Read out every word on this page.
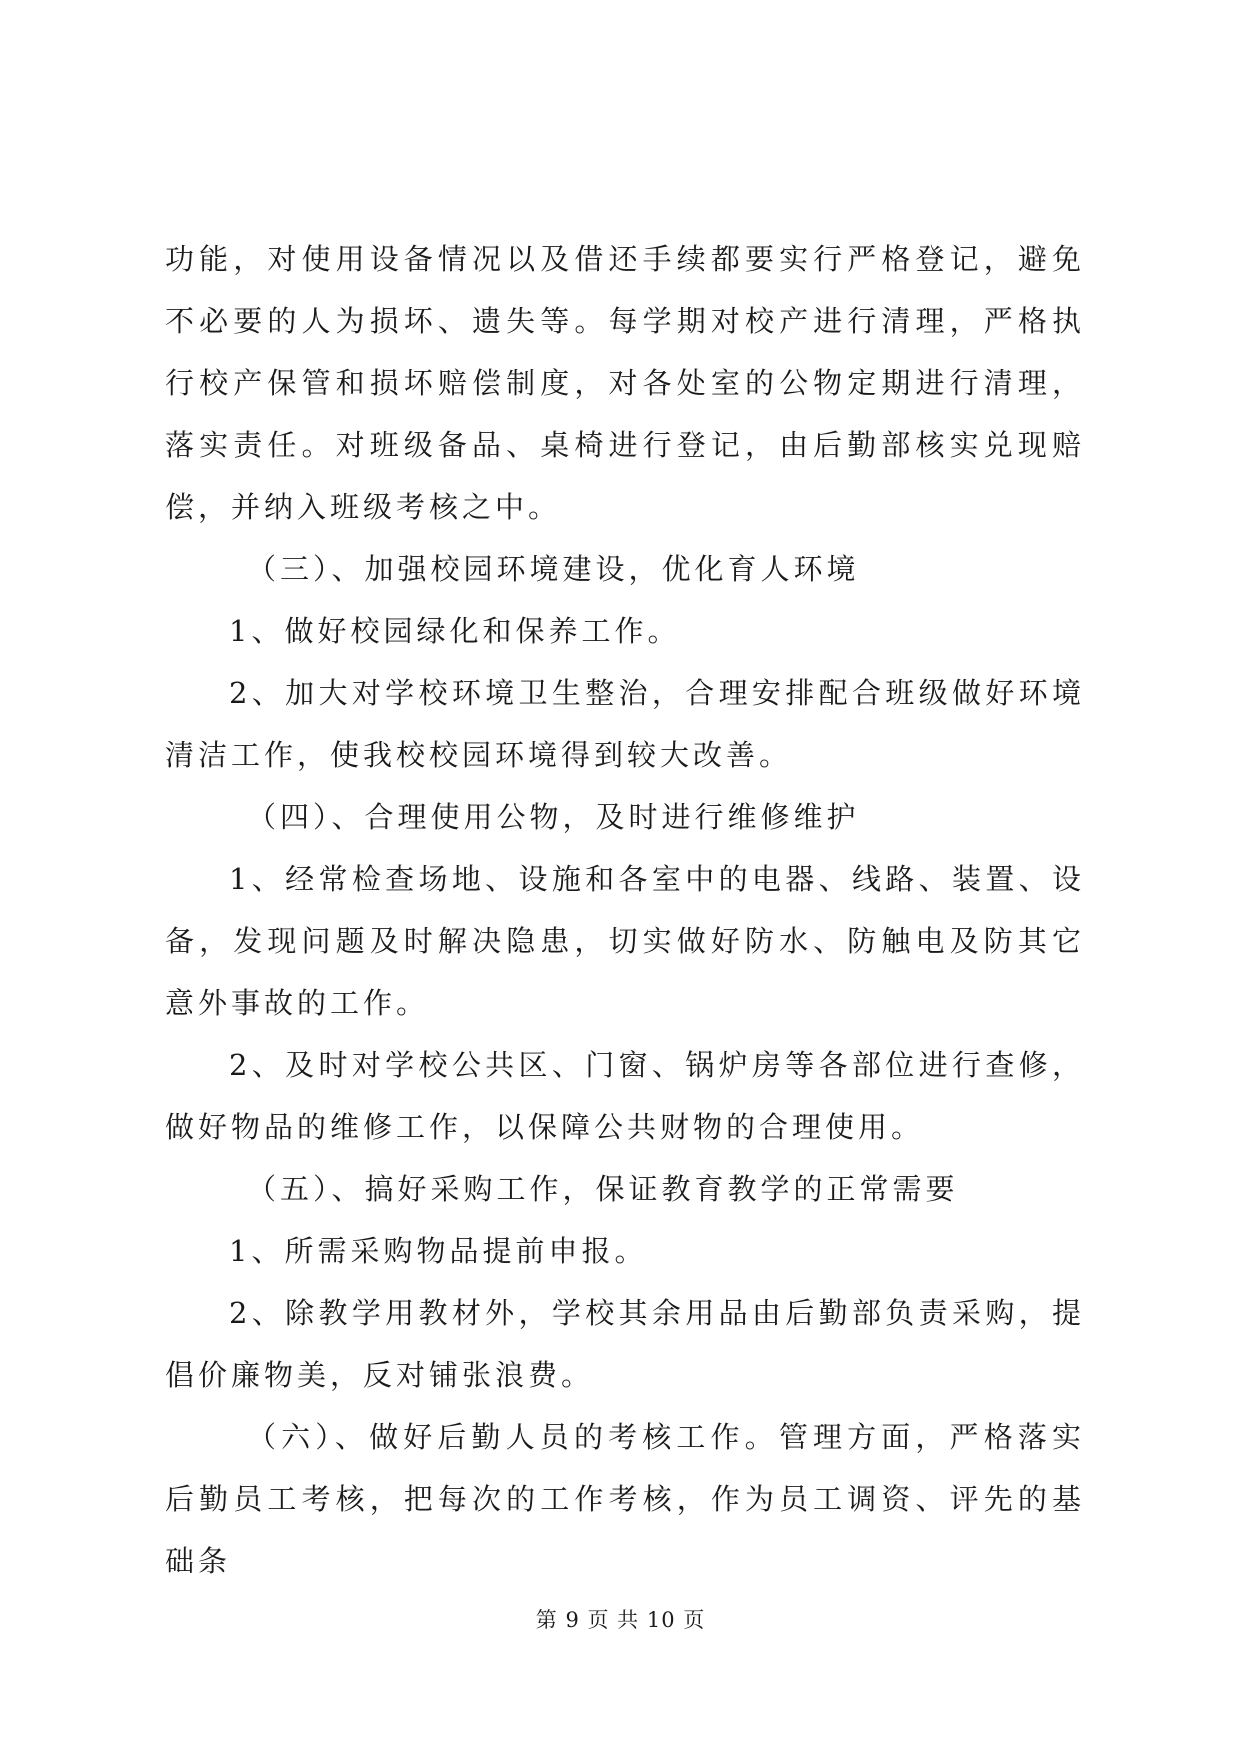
功能，对使用设备情况以及借还手续都要实行严格登记，避免不必要的人为损坏、遗失等。每学期对校产进行清理，严格执行校产保管和损坏赔偿制度，对各处室的公物定期进行清理，落实责任。对班级备品、桌椅进行登记，由后勤部核实兑现赔偿，并纳入班级考核之中。

（三）、加强校园环境建设，优化育人环境

1、做好校园绿化和保养工作。

2、加大对学校环境卫生整治，合理安排配合班级做好环境清洁工作，使我校校园环境得到较大改善。

（四）、合理使用公物，及时进行维修维护

1、经常检查场地、设施和各室中的电器、线路、装置、设备，发现问题及时解决隐患，切实做好防水、防触电及防其它意外事故的工作。

2、及时对学校公共区、门窗、锅炉房等各部位进行查修，做好物品的维修工作，以保障公共财物的合理使用。

（五）、搞好采购工作，保证教育教学的正常需要

1、所需采购物品提前申报。

2、除教学用教材外，学校其余用品由后勤部负责采购，提倡价廉物美，反对铺张浪费。

（六）、做好后勤人员的考核工作。管理方面，严格落实后勤员工考核，把每次的工作考核，作为员工调资、评先的基础条

第 9 页 共 10 页
